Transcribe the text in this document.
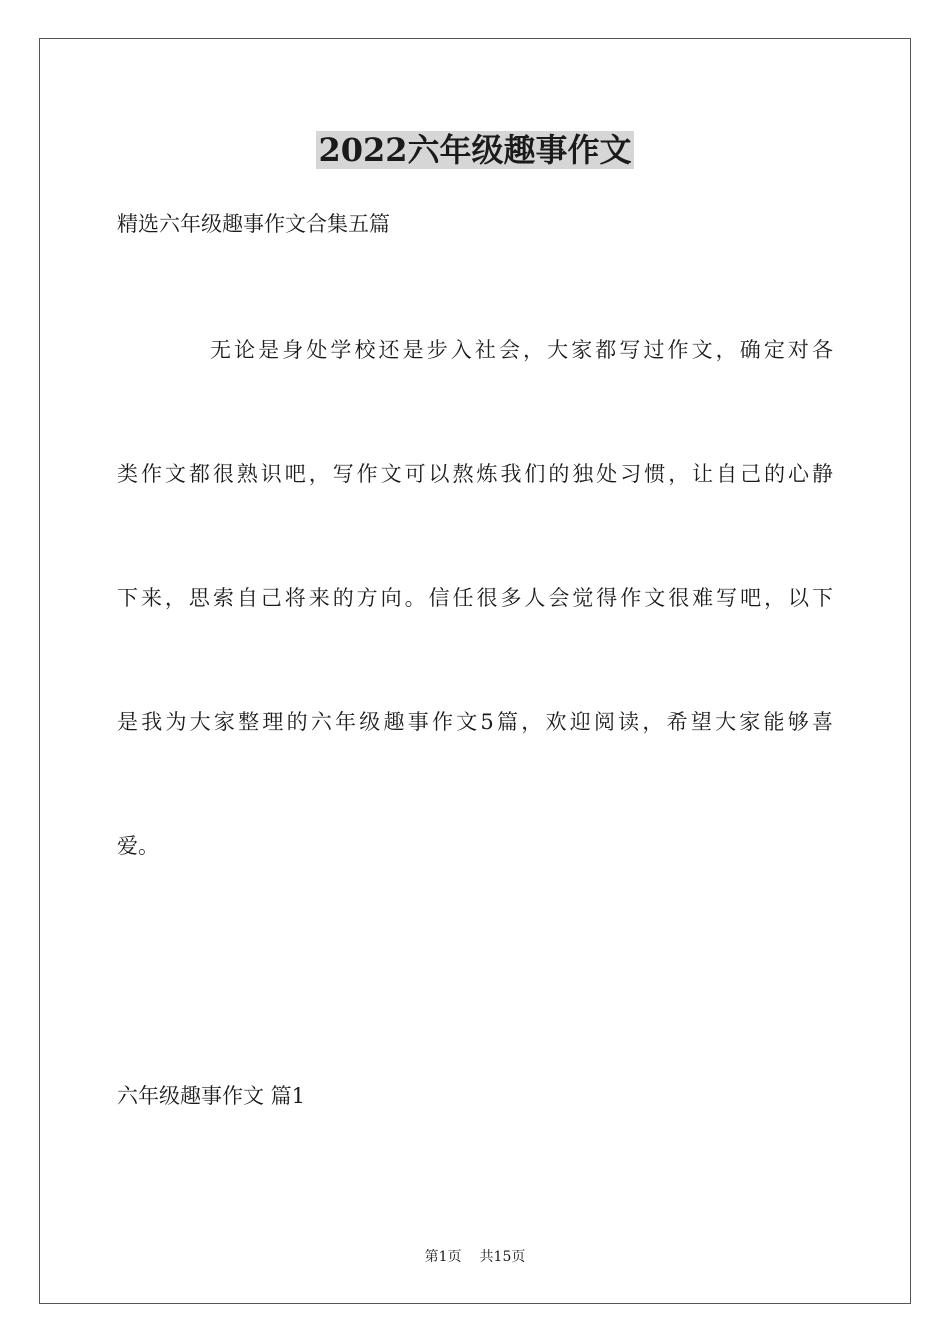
2022六年级趣事作文
精选六年级趣事作文合集五篇
无论是身处学校还是步入社会，大家都写过作文，确定对各
类作文都很熟识吧，写作文可以熬炼我们的独处习惯，让自己的心静
下来，思索自己将来的方向。信任很多人会觉得作文很难写吧，以下
是我为大家整理的六年级趣事作文5篇，欢迎阅读，希望大家能够喜
爱。
六年级趣事作文 篇1
第1页 共15页
